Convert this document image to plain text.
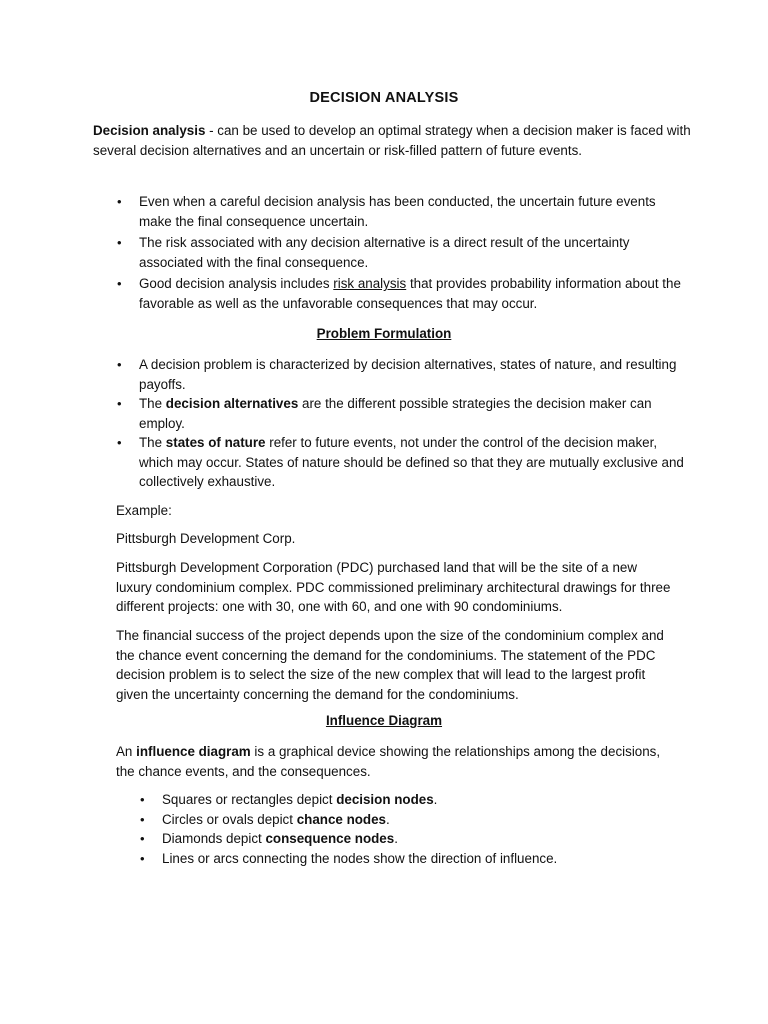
DECISION ANALYSIS

Decision analysis - can be used to develop an optimal strategy when a decision maker is faced with several decision alternatives and an uncertain or risk-filled pattern of future events.

• Even when a careful decision analysis has been conducted, the uncertain future events make the final consequence uncertain.
• The risk associated with any decision alternative is a direct result of the uncertainty associated with the final consequence.
• Good decision analysis includes risk analysis that provides probability information about the favorable as well as the unfavorable consequences that may occur.
Problem Formulation
• A decision problem is characterized by decision alternatives, states of nature, and resulting payoffs.
• The decision alternatives are the different possible strategies the decision maker can employ.
• The states of nature refer to future events, not under the control of the decision maker, which may occur. States of nature should be defined so that they are mutually exclusive and collectively exhaustive.

Example:

Pittsburgh Development Corp.

Pittsburgh Development Corporation (PDC) purchased land that will be the site of a new luxury condominium complex. PDC commissioned preliminary architectural drawings for three different projects: one with 30, one with 60, and one with 90 condominiums.

The financial success of the project depends upon the size of the condominium complex and the chance event concerning the demand for the condominiums. The statement of the PDC decision problem is to select the size of the new complex that will lead to the largest profit given the uncertainty concerning the demand for the condominiums.

Influence Diagram

An influence diagram is a graphical device showing the relationships among the decisions, the chance events, and the consequences.

• Squares or rectangles depict decision nodes.
• Circles or ovals depict chance nodes.
• Diamonds depict consequence nodes.
• Lines or arcs connecting the nodes show the direction of influence.
